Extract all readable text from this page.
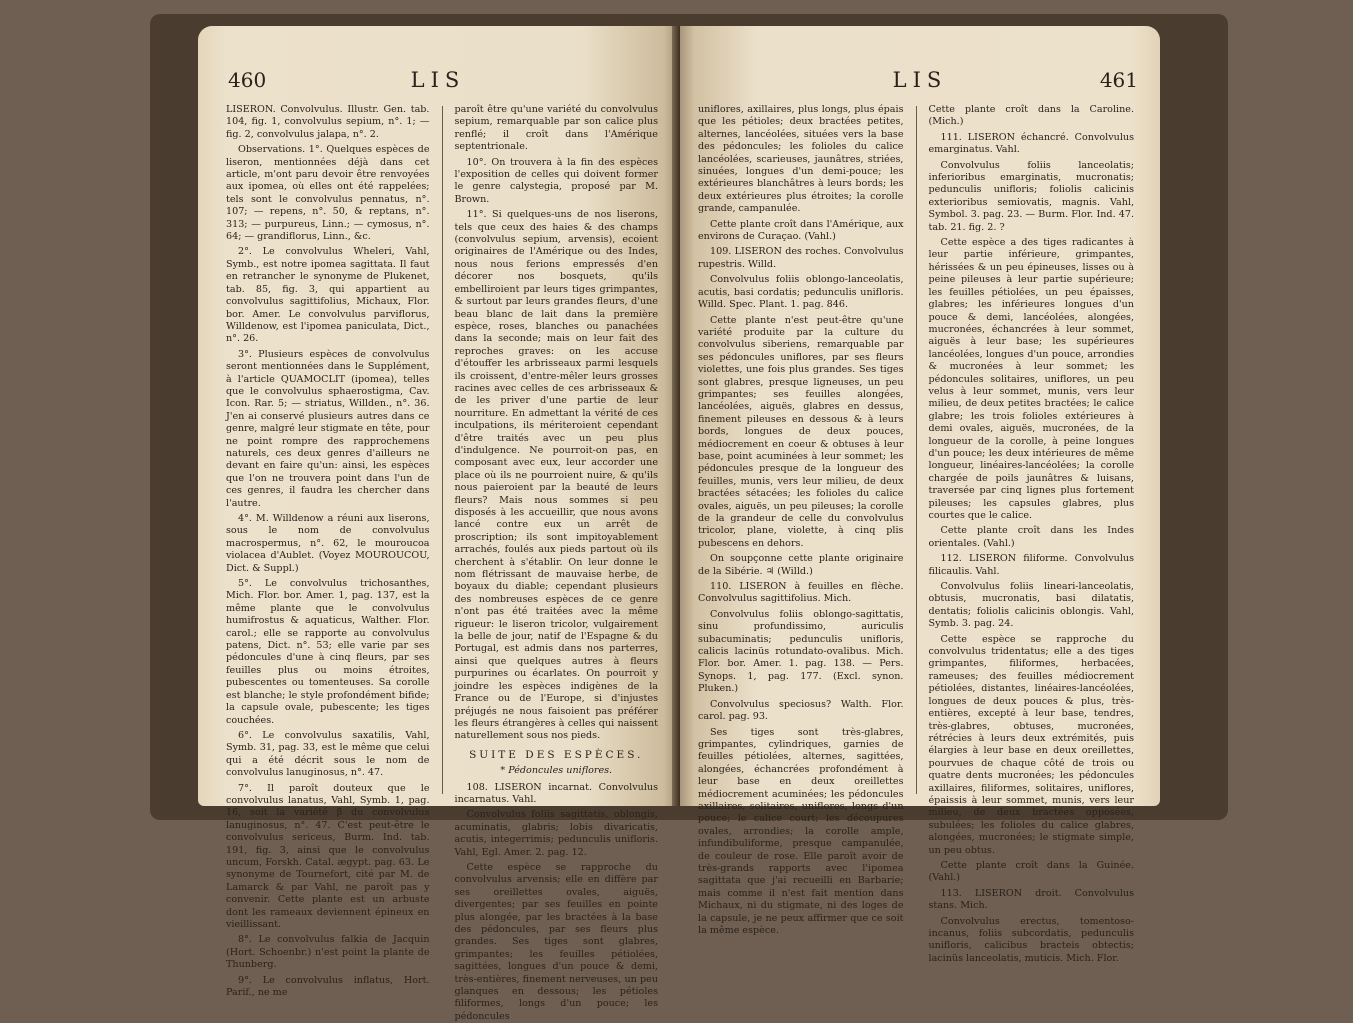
460	LIS

LISERON. Convolvulus. Illustr. Gen. tab. 104, fig. 1, convolvulus sepium, n°. 1; — fig. 2, convolvulus jalapa, n°. 2.

Observations. 1°. Quelques espèces de liseron, mentionnées déjà dans cet article, m'ont paru devoir être renvoyées aux ipomea, où elles ont été rappelées; tels sont le convolvulus pennatus, n°. 107; — repens, n°. 50, & reptans, n°. 313; — purpureus, Linn.; — cymosus, n°. 64; — grandiflorus, Linn., &c.

2°. Le convolvulus Wheleri, Vahl, Symb., est notre ipomea sagittata. Il faut en retrancher le synonyme de Plukenet, tab. 85, fig. 3, qui appartient au convolvulus sagittifolius, Michaux, Flor. bor. Amer. Le convolvulus parviflorus, Willdenow, est l'ipomea paniculata, Dict., n°. 26.

3°. Plusieurs espèces de convolvulus seront mentionnées dans le Supplément, à l'article QUAMOCLIT (ipomea), telles que le convolvulus sphaerostigma, Cav. Icon. Rar. 5; — striatus, Willden., n°. 36. J'en ai conservé plusieurs autres dans ce genre, malgré leur stigmate en tête, pour ne point rompre des rapprochemens naturels, ces deux genres d'ailleurs ne devant en faire qu'un: ainsi, les espèces que l'on ne trouvera point dans l'un de ces genres, il faudra les chercher dans l'autre.

4°. M. Willdenow a réuni aux liserons, sous le nom de convolvulus macrospermus, n°. 62, le mouroucoa violacea d'Aublet. (Voyez MOUROUCOU, Dict. & Suppl.)

5°. Le convolvulus trichosanthes, Mich. Flor. bor. Amer. 1, pag. 137, est la même plante que le convolvulus humifrostus & aquaticus, Walther. Flor. carol.; elle se rapporte au convolvulus patens, Dict. n°. 53; elle varie par ses pédoncules d'une à cinq fleurs, par ses feuilles plus ou moins étroites, pubescentes ou tomenteuses. Sa corolle est blanche; le style profondément bifide; la capsule ovale, pubescente; les tiges couchées.

6°. Le convolvulus saxatilis, Vahl, Symb. 31, pag. 33, est le même que celui qui a été décrit sous le nom de convolvulus lanuginosus, n°. 47.

7°. Il paroît douteux que le convolvulus lanatus, Vahl, Symb. 1, pag. 16, soit la variété β du convolvulus lanuginosus, n°. 47. C'est peut-être le convolvulus sericeus, Burm. Ind. tab. 191, fig. 3, ainsi que le convolvulus uncum, Forskh. Catal. ægypt. pag. 63. Le synonyme de Tournefort, cité par M. de Lamarck & par Vahl, ne paroît pas y convenir. Cette plante est un arbuste dont les rameaux deviennent épineux en vieillissant.

8°. Le convolvulus falkia de Jacquin (Hort. Schoenbr.) n'est point la plante de Thunberg.

9°. Le convolvulus inflatus, Hort. Parif., ne me

paroît être qu'une variété du convolvulus sepium, remarquable par son calice plus renflé; il croît dans l'Amérique septentrionale.

10°. On trouvera à la fin des espèces l'exposition de celles qui doivent former le genre calystegia, proposé par M. Brown.

11°. Si quelques-uns de nos liserons, tels que ceux des haies & des champs (convolvulus sepium, arvensis), ecoient originaires de l'Amérique ou des Indes, nous nous ferions empressés d'en décorer nos bosquets, qu'ils embelliroient par leurs tiges grimpantes, & surtout par leurs grandes fleurs, d'une beau blanc de lait dans la première espèce, roses, blanches ou panachées dans la seconde; mais on leur fait des reproches graves: on les accuse d'étouffer les arbrisseaux parmi lesquels ils croissent, d'entre-mêler leurs grosses racines avec celles de ces arbrisseaux & de les priver d'une partie de leur nourriture. En admettant la vérité de ces inculpations, ils mériteroient cependant d'être traités avec un peu plus d'indulgence. Ne pourroit-on pas, en composant avec eux, leur accorder une place où ils ne pourroient nuire, & qu'ils nous paieroient par la beauté de leurs fleurs? Mais nous sommes si peu disposés à les accueillir, que nous avons lancé contre eux un arrêt de proscription; ils sont impitoyablement arrachés, foulés aux pieds partout où ils cherchent à s'établir. On leur donne le nom flétrissant de mauvaise herbe, de boyaux du diable; cependant plusieurs des nombreuses espèces de ce genre n'ont pas été traitées avec la même rigueur: le liseron tricolor, vulgairement la belle de jour, natif de l'Espagne & du Portugal, est admis dans nos parterres, ainsi que quelques autres à fleurs purpurines ou écarlates. On pourroit y joindre les espèces indigènes de la France ou de l'Europe, si d'injustes préjugés ne nous faisoient pas préférer les fleurs étrangères à celles qui naissent naturellement sous nos pieds.

SUITE DES ESPÈCES.

* Pédoncules uniflores.

108. LISERON incarnat. Convolvulus incarnatus. Vahl.

Convolvulus foliis sagittatis, oblongis, acuminatis, glabris; lobis divaricatis, acutis, integerrimis; pedunculis unifloris. Vahl, Egl. Amer. 2. pag. 12.

Cette espèce se rapproche du convolvulus arvensis; elle en diffère par ses oreillettes ovales, aiguës, divergentes; par ses feuilles en pointe plus alongée, par les bractées à la base des pédoncules, par ses fleurs plus grandes. Ses tiges sont glabres, grimpantes; les feuilles pétiolées, sagittées, longues d'un pouce & demi, très-entières, finement nerveuses, un peu glanques en dessous; les pétioles filiformes, longs d'un pouce; les pédoncules

LIS	461

uniflores, axillaires, plus longs, plus épais que les pétioles; deux bractées petites, alternes, lancéolées, situées vers la base des pédoncules; les folioles du calice lancéolées, scarieuses, jaunâtres, striées, sinuées, longues d'un demi-pouce; les extérieures blanchâtres à leurs bords; les deux extérieures plus étroites; la corolle grande, campanulée.

Cette plante croît dans l'Amérique, aux environs de Curaçao. (Vahl.)

109. LISERON des roches. Convolvulus rupestris. Willd.

Convolvulus foliis oblongo-lanceolatis, acutis, basi cordatis; pedunculis unifloris. Willd. Spec. Plant. 1. pag. 846.

Cette plante n'est peut-être qu'une variété produite par la culture du convolvulus siberiens, remarquable par ses pédoncules uniflores, par ses fleurs violettes, une fois plus grandes. Ses tiges sont glabres, presque ligneuses, un peu grimpantes; ses feuilles alongées, lancéolées, aiguës, glabres en dessus, finement pileuses en dessous & à leurs bords, longues de deux pouces, médiocrement en coeur & obtuses à leur base, point acuminées à leur sommet; les pédoncules presque de la longueur des feuilles, munis, vers leur milieu, de deux bractées sétacées; les folioles du calice ovales, aiguës, un peu pileuses; la corolle de la grandeur de celle du convolvulus tricolor, plane, violette, à cinq plis pubescens en dehors.

On soupçonne cette plante originaire de la Sibérie. ♃ (Willd.)

110. LISERON à feuilles en flèche. Convolvulus sagittifolius. Mich.

Convolvulus foliis oblongo-sagittatis, sinu profundissimo, auriculis subacuminatis; pedunculis unifloris, calicis lacinüs rotundato-ovalibus. Mich. Flor. bor. Amer. 1. pag. 138. — Pers. Synops. 1, pag. 177. (Excl. synon. Pluken.)

Convolvulus speciosus? Walth. Flor. carol. pag. 93.

Ses tiges sont très-glabres, grimpantes, cylindriques, garnies de feuilles pétiolées, alternes, sagittées, alongées, échancrées profondément à leur base en deux oreillettes médiocrement acuminées; les pédoncules axillaires, solitaires, uniflores, longs d'un pouce; le calice court; les découpures ovales, arrondies; la corolle ample, infundibuliforme, presque campanulée, de couleur de rose. Elle paroît avoir de très-grands rapports avec l'ipomea sagittata que j'ai recueilli en Barbarie; mais comme il n'est fait mention dans Michaux, ni du stigmate, ni des loges de la capsule, je ne peux affirmer que ce soit la même espèce.

Cette plante croît dans la Caroline. (Mich.)

111. LISERON échancré. Convolvulus emarginatus. Vahl.

Convolvulus foliis lanceolatis; inferioribus emarginatis, mucronatis; pedunculis unifloris; foliolis calicinis exterioribus semiovatis, magnis. Vahl, Symbol. 3. pag. 23. — Burm. Flor. Ind. 47. tab. 21. fig. 2. ?

Cette espèce a des tiges radicantes à leur partie inférieure, grimpantes, hérissées & un peu épineuses, lisses ou à peine pileuses à leur partie supérieure; les feuilles pétiolées, un peu épaisses, glabres; les inférieures longues d'un pouce & demi, lancéolées, alongées, mucronées, échancrées à leur sommet, aiguës à leur base; les supérieures lancéolées, longues d'un pouce, arrondies & mucronées à leur sommet; les pédoncules solitaires, uniflores, un peu velus à leur sommet, munis, vers leur milieu, de deux petites bractées; le calice glabre; les trois folioles extérieures à demi ovales, aiguës, mucronées, de la longueur de la corolle, à peine longues d'un pouce; les deux intérieures de même longueur, linéaires-lancéolées; la corolle chargée de poils jaunâtres & luisans, traversée par cinq lignes plus fortement pileuses; les capsules glabres, plus courtes que le calice.

Cette plante croît dans les Indes orientales. (Vahl.)

112. LISERON filiforme. Convolvulus filicaulis. Vahl.

Convolvulus foliis lineari-lanceolatis, obtusis, mucronatis, basi dilatatis, dentatis; foliolis calicinis oblongis. Vahl, Symb. 3. pag. 24.

Cette espèce se rapproche du convolvulus tridentatus; elle a des tiges grimpantes, filiformes, herbacées, rameuses; des feuilles médiocrement pétiolées, distantes, linéaires-lancéolées, longues de deux pouces & plus, très-entières, excepté à leur base, tendres, très-glabres, obtuses, mucronées, rétrécies à leurs deux extrémités, puis élargies à leur base en deux oreillettes, pourvues de chaque côté de trois ou quatre dents mucronées; les pédoncules axillaires, filiformes, solitaires, uniflores, épaissis à leur sommet, munis, vers leur milieu, de deux bractées opposées, subulées; les folioles du calice glabres, alongées, mucronées; le stigmate simple, un peu obtus.

Cette plante croît dans la Guinée. (Vahl.)

113. LISERON droit. Convolvulus stans. Mich.

Convolvulus erectus, tomentoso-incanus, foliis subcordatis, pedunculis unifloris, calicibus bracteis obtectis; lacinüs lanceolatis, muticis. Mich. Flor.
